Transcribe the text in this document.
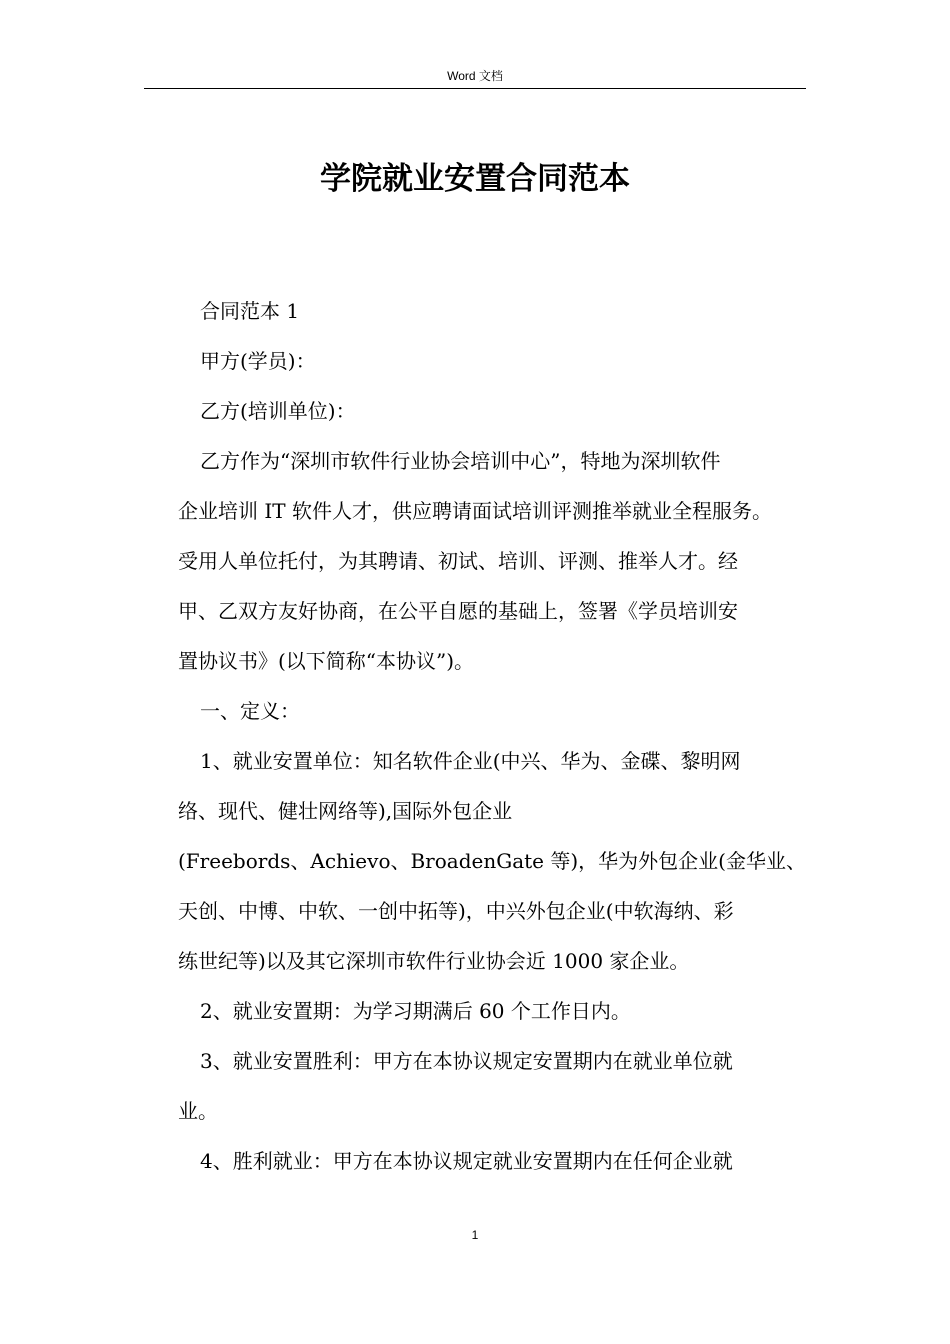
Word 文档
学院就业安置合同范本

合同范本 1

甲方(学员)：

乙方(培训单位)：

乙方作为“深圳市软件行业协会培训中心”，特地为深圳软件

企业培训 IT 软件人才，供应聘请面试培训评测推举就业全程服务。

受用人单位托付，为其聘请、初试、培训、评测、推举人才。经

甲、乙双方友好协商，在公平自愿的基础上，签署《学员培训安

置协议书》(以下简称“本协议”)。

一、定义：

1、就业安置单位：知名软件企业(中兴、华为、金碟、黎明网

络、现代、健壮网络等),国际外包企业

(Freebords、Achievo、BroadenGate 等)，华为外包企业(金华业、

天创、中博、中软、一创中拓等)，中兴外包企业(中软海纳、彩

练世纪等)以及其它深圳市软件行业协会近 1000 家企业。

2、就业安置期：为学习期满后 60 个工作日内。

3、就业安置胜利：甲方在本协议规定安置期内在就业单位就

业。

4、胜利就业：甲方在本协议规定就业安置期内在任何企业就

1
